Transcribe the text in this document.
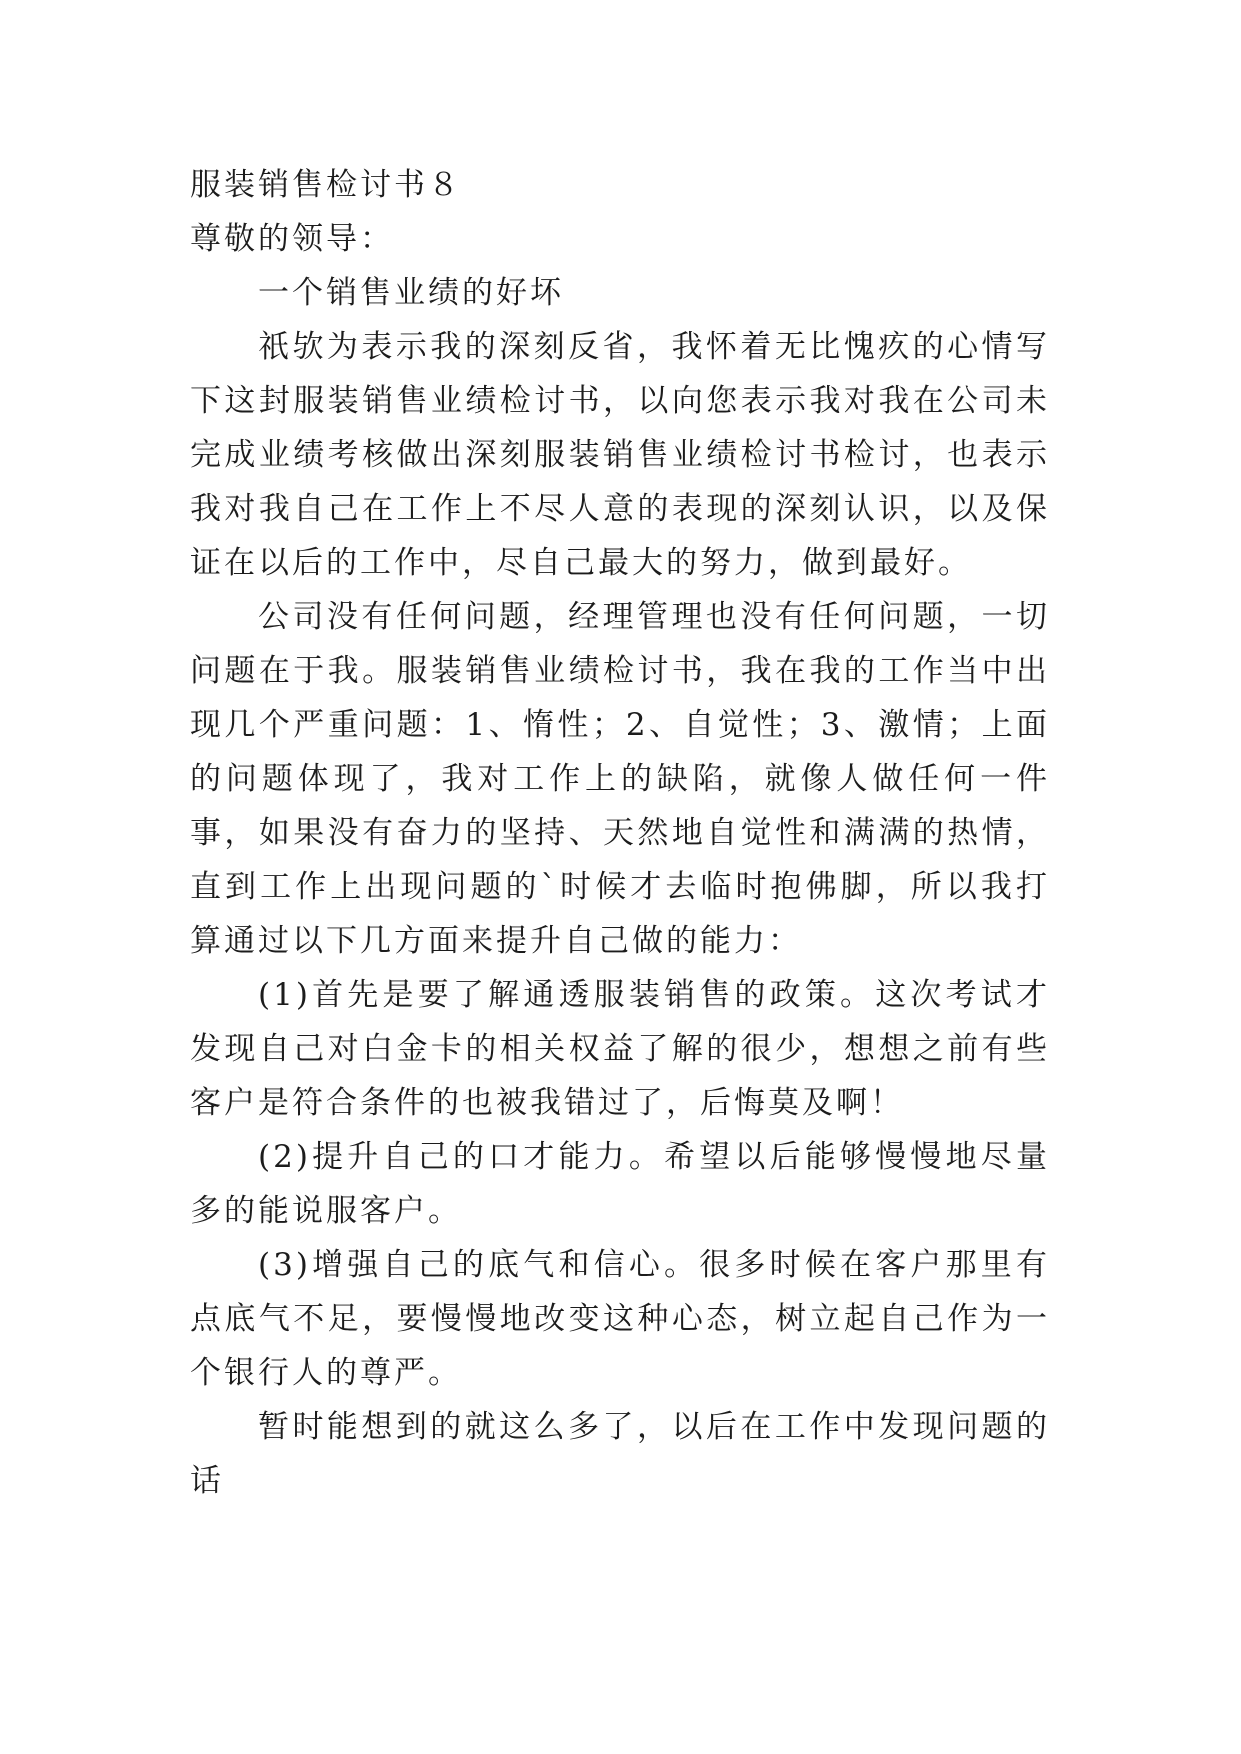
服装销售检讨书８

尊敬的领导：

一个销售业绩的好坏

祇欤为表示我的深刻反省，我怀着无比愧疚的心情写下这封服装销售业绩检讨书，以向您表示我对我在公司未完成业绩考核做出深刻服装销售业绩检讨书检讨，也表示我对我自己在工作上不尽人意的表现的深刻认识，以及保证在以后的工作中，尽自己最大的努力，做到最好。

公司没有任何问题，经理管理也没有任何问题，一切问题在于我。服装销售业绩检讨书，我在我的工作当中出现几个严重问题：1、惰性；2、自觉性；3、激情；上面的问题体现了，我对工作上的缺陷，就像人做任何一件事，如果没有奋力的坚持、天然地自觉性和满满的热情，直到工作上出现问题的`时候才去临时抱佛脚，所以我打算通过以下几方面来提升自己做的能力：

(1)首先是要了解通透服装销售的政策。这次考试才发现自己对白金卡的相关权益了解的很少，想想之前有些客户是符合条件的也被我错过了，后悔莫及啊！

(2)提升自己的口才能力。希望以后能够慢慢地尽量多的能说服客户。

(3)增强自己的底气和信心。很多时候在客户那里有点底气不足，要慢慢地改变这种心态，树立起自己作为一个银行人的尊严。

暂时能想到的就这么多了，以后在工作中发现问题的话
